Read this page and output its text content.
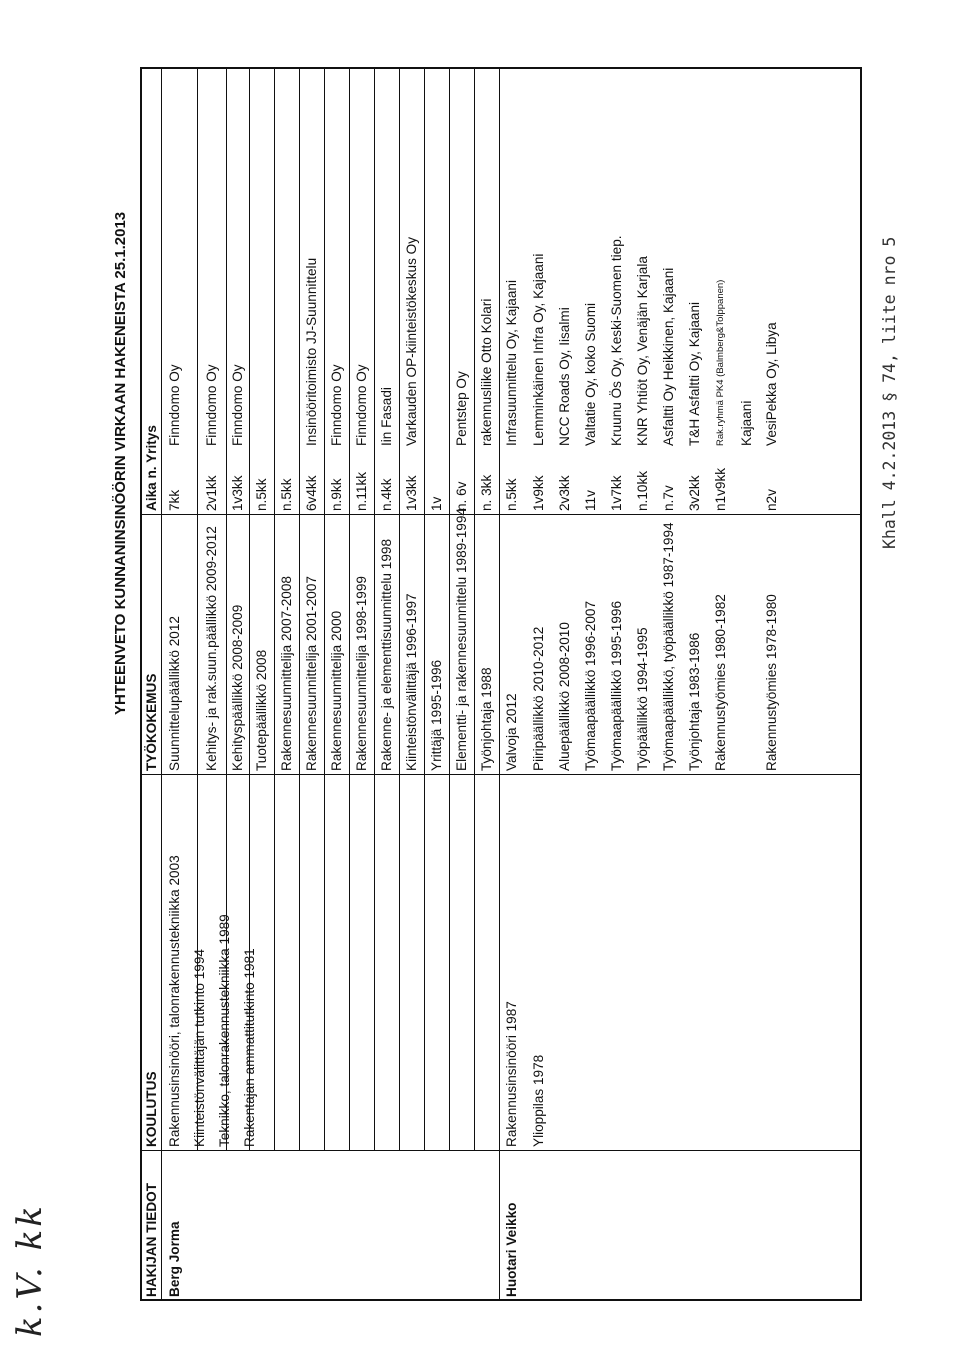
Khall4.2.2013§74,liitenro5
YHTEENVETO KUNNANINSINÖÖRIN VIRKAAN HAKENEISTA 25.1.2013
k.V. kk	HAKIJAN TIEDOT
KOULUTUS
TYÖKOKEMUS
Aika n. Yritys
Berg Jorma
Rakennusinsinööri, talonrakennustekniikka 2003 Kiinteistönvälittäjän tutkinto 1994 Teknikko, talonrakennustekniikka 1989 Rakentajan ammattitutkinto 1981
Suunnittelupäällikkö 2012 Kehitys- ja rak.suun.päällikkö 2009-2012 Kehityspäällikkö 2008-2009 Tuotepäällikkö 2008 Rakennesuunnittelija 2007-2008 Rakennesuunnittelija 2001-2007 Rakennesuunnittelija 2000 Rakennesuunnittelija 1998-1999 Rakenne- ja elementtisuunnittelu 1998 Kiinteistönvälittäjä 1996-1997 Yrittäjä 1995-1996 Elementti- ja rakennesuunnittelu 1989-1994 Työnjohtaja 1988
7kk
Finndomo Oy
2v1kk
Finndomo Oy
1v3kk
Finndomo Oy
n.5kk n.5kk 6v4kk
Insinööritoimisto JJ-Suunnittelu
n.9kk
Finndomo Oy
n.11kk
Finndomo Oy
n.4kk
Iin Fasadi
1v3kk
Varkauden OP-kiinteistökeskus Oy
1v n. 6v
Pentstep Oy
n. 3kk
rakennusliike Otto Kolari
Huotari Veikko
Rakennusinsinööri 1987 Ylioppilas 1978
Valvoja 2012 Piiripäällikkö 2010-2012 Aluepäällikkö 2008-2010 Työmaapäällikkö 1996-2007 Työmaapäällikkö 1995-1996 Työpäällikkö 1994-1995 Työmaapäällikkö, työpäällikkö 1987-1994 Työnjohtaja 1983-1986 Rakennustyömies 1980-1982	Rakennustyömies 1978-1980
n.5kk
Infrasuunnittelu Oy, Kajaani
1v9kk
Lemminkäinen Infra Oy, Kajaani
2v3kk
NCC Roads Oy, Iisalmi
11v
Valtatie Oy, koko Suomi
1v7kk
Kruunu Ös Oy, Keski-Suomen tiep.
n.10kk
KNR Yhtiöt Oy, Venäjän Karjala
n.7v
Asfaltti Oy Heikkinen, Kajaani
3v2kk
T&H Asfaltti Oy, Kajaani
n1v9kk
Rak.ryhmä PK4 (Balmberg&Tolppanen) Kajaani
n2v
VesiPekka Oy, Libya
